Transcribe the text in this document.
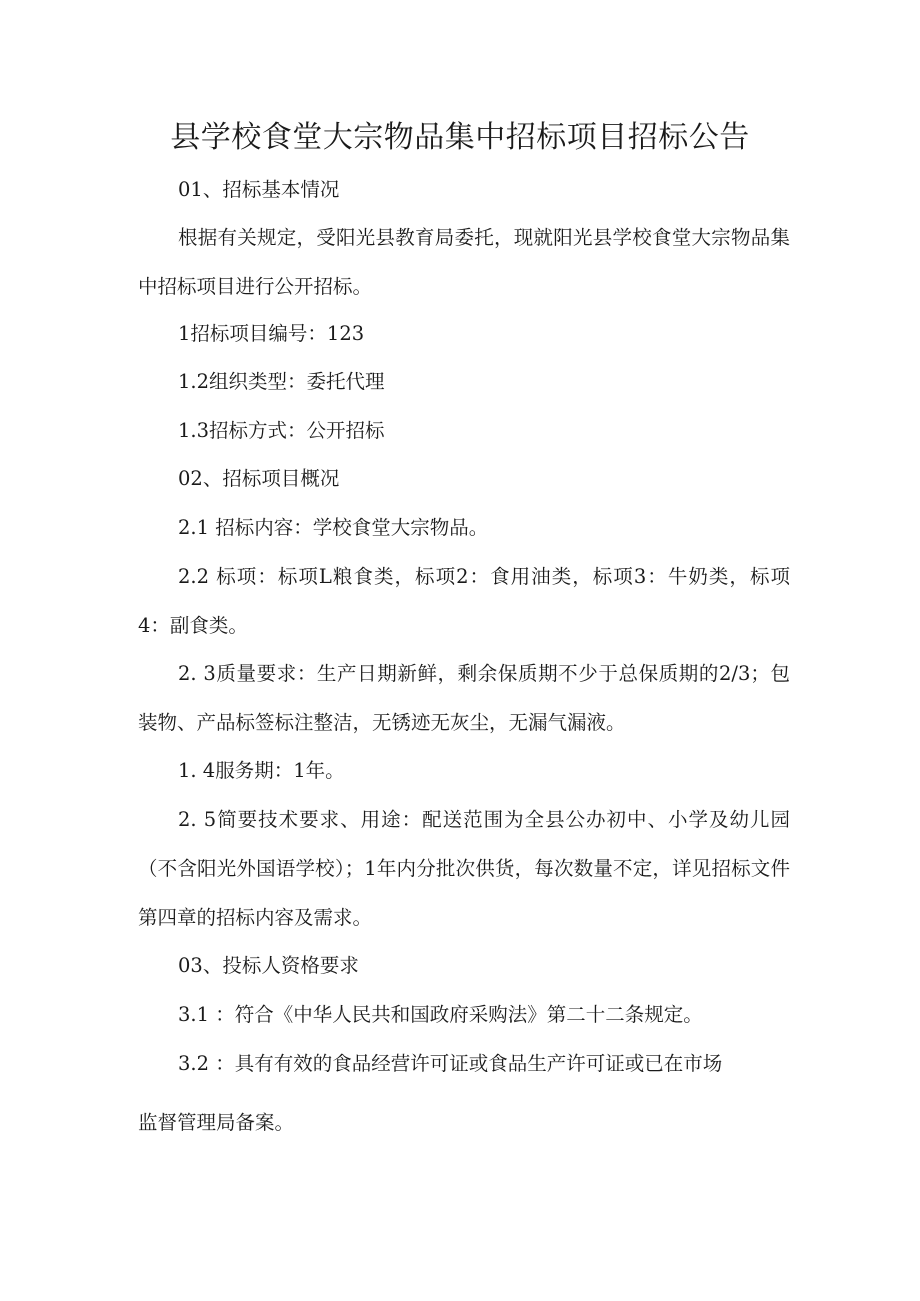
县学校食堂大宗物品集中招标项目招标公告
01、招标基本情况
根据有关规定，受阳光县教育局委托，现就阳光县学校食堂大宗物品集中招标项目进行公开招标。
1招标项目编号：123
1.2组织类型：委托代理
1.3招标方式：公开招标
02、招标项目概况
2.1 招标内容：学校食堂大宗物品。
2.2 标项：标项L粮食类，标项2：食用油类，标项3：牛奶类，标项4：副食类。
2. 3质量要求：生产日期新鲜，剩余保质期不少于总保质期的2/3；包装物、产品标签标注整洁，无锈迹无灰尘，无漏气漏液。
1. 4服务期：1年。
2. 5简要技术要求、用途：配送范围为全县公办初中、小学及幼儿园（不含阳光外国语学校）；1年内分批次供货，每次数量不定，详见招标文件第四章的招标内容及需求。
03、投标人资格要求
3.1 ：符合《中华人民共和国政府采购法》第二十二条规定。
3.2 ：具有有效的食品经营许可证或食品生产许可证或已在市场
监督管理局备案。
